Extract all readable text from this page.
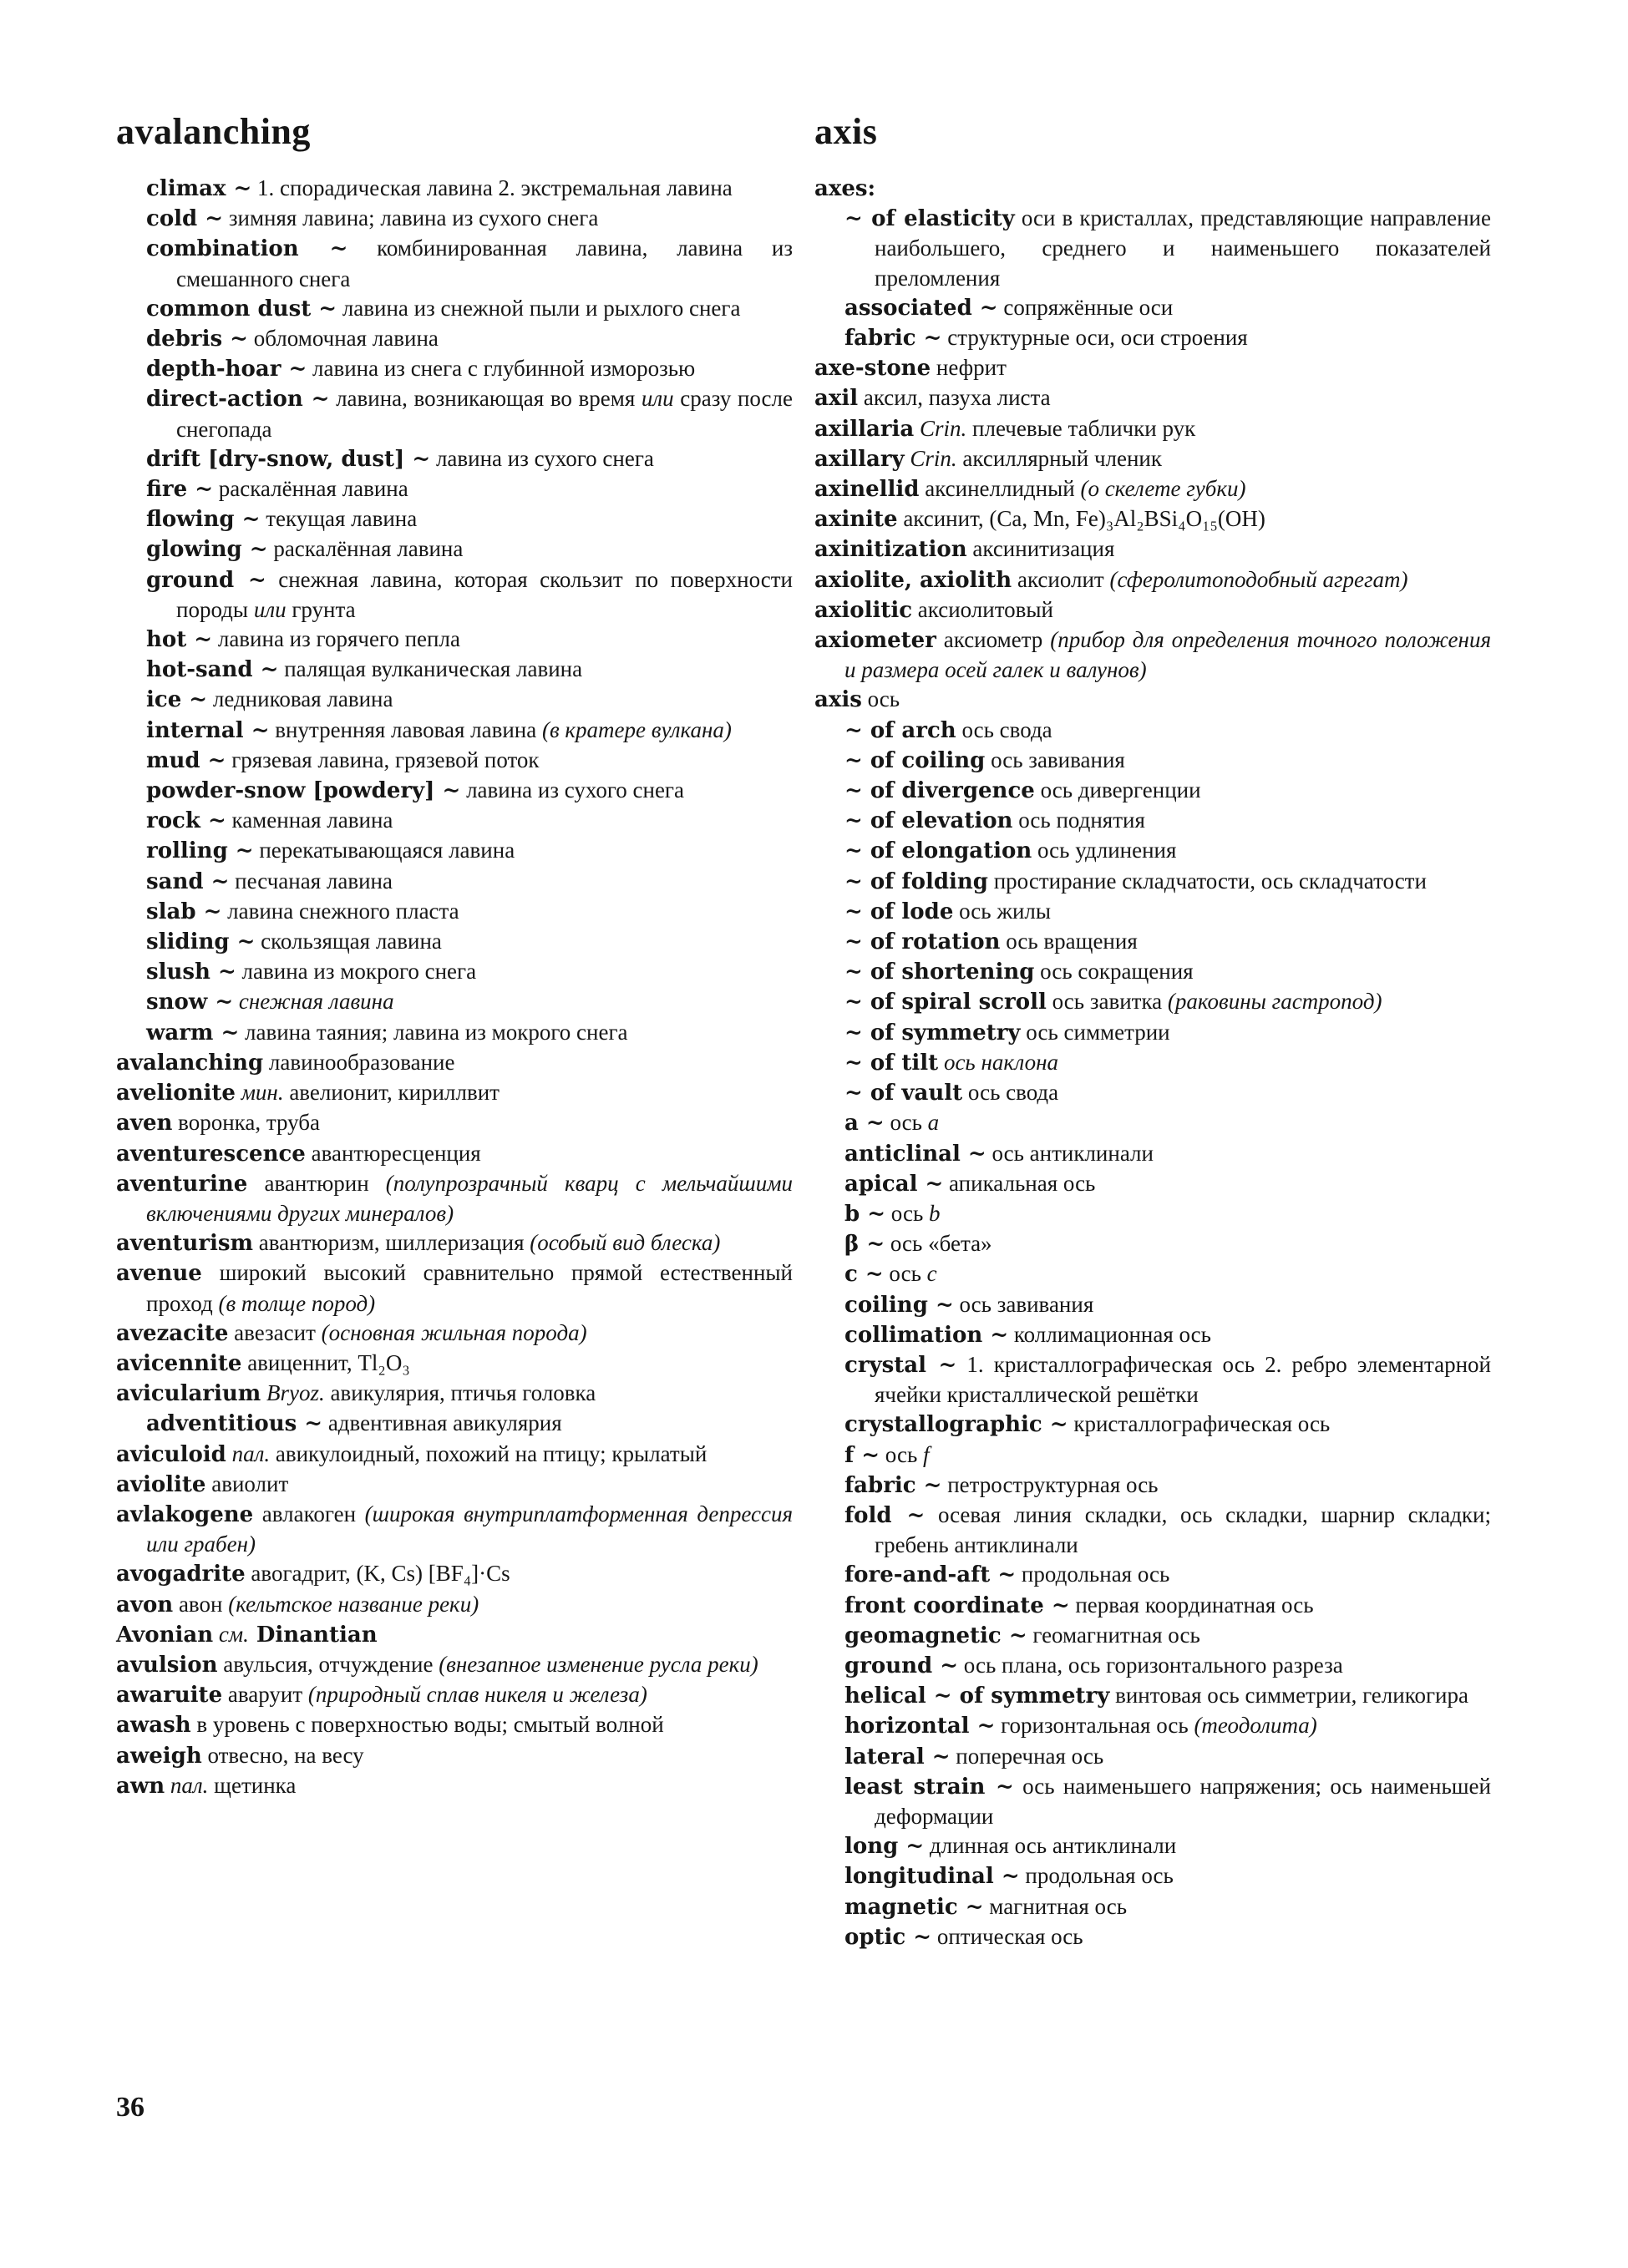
avalanching

climax ~ 1. спорадическая лавина 2. экстремальная лавина

cold ~ зимняя лавина; лавина из сухого снега

combination ~ комбинированная лавина, лавина из смешанного снега

common dust ~ лавина из снежной пыли и рыхлого снега

debris ~ обломочная лавина

depth-hoar ~ лавина из снега с глубинной изморозью

direct-action ~ лавина, возникающая во время или сразу после снегопада

drift [dry-snow, dust] ~ лавина из сухого снега

fire ~ раскалённая лавина

flowing ~ текущая лавина

glowing ~ раскалённая лавина

ground ~ снежная лавина, которая скользит по поверхности породы или грунта

hot ~ лавина из горячего пепла

hot-sand ~ палящая вулканическая лавина

ice ~ ледниковая лавина

internal ~ внутренняя лавовая лавина (в кратере вулкана)

mud ~ грязевая лавина, грязевой поток

powder-snow [powdery] ~ лавина из сухого снега

rock ~ каменная лавина

rolling ~ перекатывающаяся лавина

sand ~ песчаная лавина

slab ~ лавина снежного пласта

sliding ~ скользящая лавина

slush ~ лавина из мокрого снега

snow ~ снежная лавина

warm ~ лавина таяния; лавина из мокрого снега

avalanching лавинообразование

avelionite мин. авелионит, кириллвит

aven воронка, труба

aventurescence авантюресценция

aventurine авантюрин (полупрозрачный кварц с мельчайшими включениями других минералов)

aventurism авантюризм, шиллеризация (особый вид блеска)

avenue широкий высокий сравнительно прямой естественный проход (в толще пород)

avezacite авезасит (основная жильная порода)

avicennite авиценнит, Tl₂O₃

avicularium Bryoz. авикулярия, птичья головка

adventitious ~ адвентивная авикулярия

aviculoid пал. авикулоидный, похожий на птицу; крылатый

aviolite авиолит

avlakogene авлакоген (широкая внутриплатформенная депрессия или грабен)

avogadrite авогадрит, (K, Cs) [BF₄]·Cs

avon авон (кельтское название реки)

Avonian см. Dinantian

avulsion авульсия, отчуждение (внезапное изменение русла реки)

awaruite аваруит (природный сплав никеля и железа)

awash в уровень с поверхностью воды; смытый волной

aweigh отвесно, на весу

awn пал. щетинка

axis

axes:

~ of elasticity оси в кристаллах, представляющие направление наибольшего, среднего и наименьшего показателей преломления

associated ~ сопряжённые оси

fabric ~ структурные оси, оси строения

axe-stone нефрит

axil аксил, пазуха листа

axillaria Crin. плечевые таблички рук

axillary Crin. аксиллярный членик

axinellid аксинеллидный (о скелете губки)

axinite аксинит, (Ca, Mn, Fe)₃Al₂BSi₄O₁₅(OH)

axinitization аксинитизация

axiolite, axiolith аксиолит (сферолитоподобный агрегат)

axiolitic аксиолитовый

axiometer аксиометр (прибор для определения точного положения и размера осей галек и валунов)

axis ось

~ of arch ось свода

~ of coiling ось завивания

~ of divergence ось дивергенции

~ of elevation ось поднятия

~ of elongation ось удлинения

~ of folding простирание складчатости, ось складчатости

~ of lode ось жилы

~ of rotation ось вращения

~ of shortening ось сокращения

~ of spiral scroll ось завитка (раковины гастропод)

~ of symmetry ось симметрии

~ of tilt ось наклона

~ of vault ось свода

a ~ ось a

anticlinal ~ ось антиклинали

apical ~ апикальная ось

b ~ ось b

β ~ ось «бета»

c ~ ось c

coiling ~ ось завивания

collimation ~ коллимационная ось

crystal ~ 1. кристаллографическая ось 2. ребро элементарной ячейки кристаллической решётки

crystallographic ~ кристаллографическая ось

f ~ ось f

fabric ~ петроструктурная ось

fold ~ осевая линия складки, ось складки, шарнир складки; гребень антиклинали

fore-and-aft ~ продольная ось

front coordinate ~ первая координатная ось

geomagnetic ~ геомагнитная ось

ground ~ ось плана, ось горизонтального разреза

helical ~ of symmetry винтовая ось симметрии, геликогира

horizontal ~ горизонтальная ось (теодолита)

lateral ~ поперечная ось

least strain ~ ось наименьшего напряжения; ось наименьшей деформации

long ~ длинная ось антиклинали

longitudinal ~ продольная ось

magnetic ~ магнитная ось

optic ~ оптическая ось

36
